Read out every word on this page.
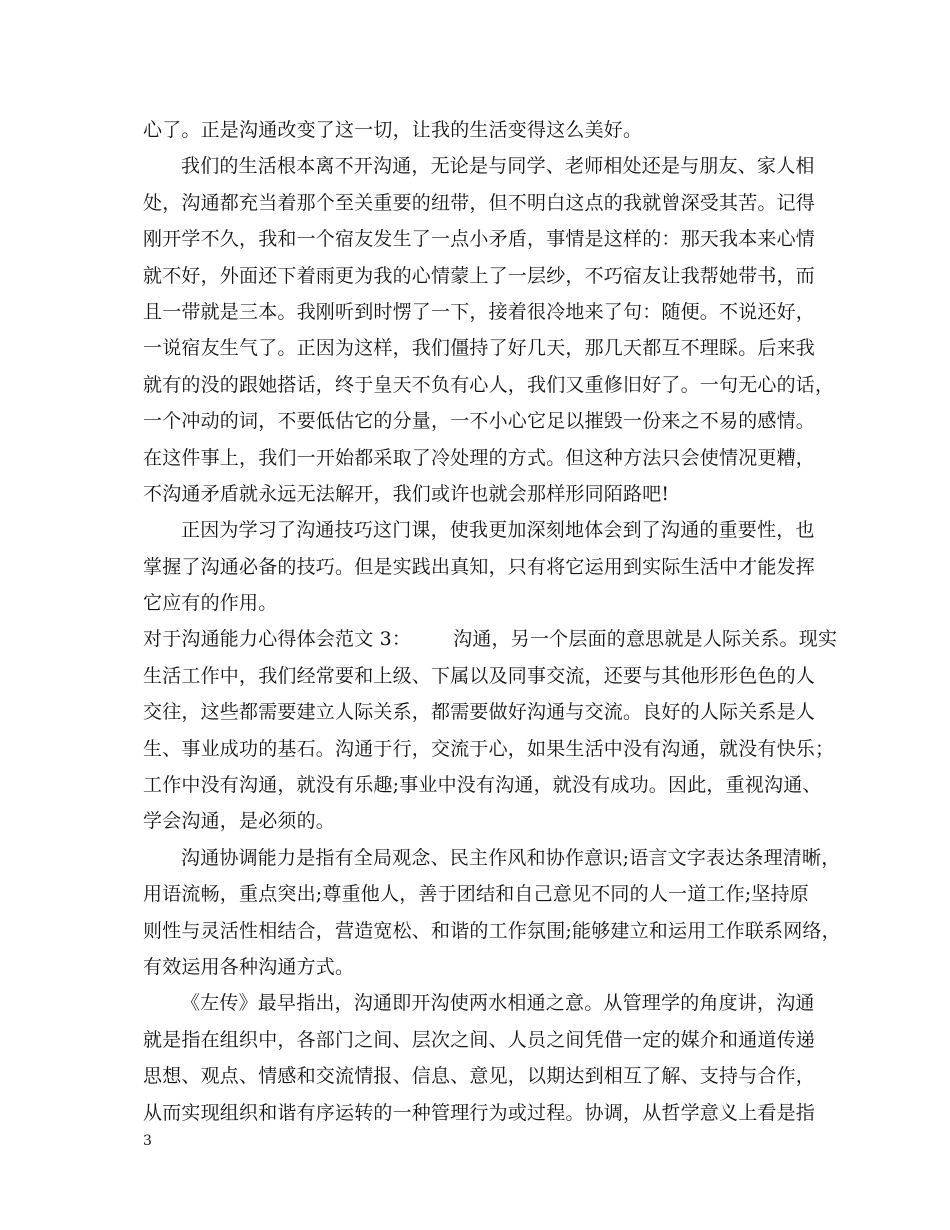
心了。正是沟通改变了这一切，让我的生活变得这么美好。
我们的生活根本离不开沟通，无论是与同学、老师相处还是与朋友、家人相
处，沟通都充当着那个至关重要的纽带，但不明白这点的我就曾深受其苦。记得
刚开学不久，我和一个宿友发生了一点小矛盾，事情是这样的：那天我本来心情
就不好，外面还下着雨更为我的心情蒙上了一层纱，不巧宿友让我帮她带书，而
且一带就是三本。我刚听到时愣了一下，接着很冷地来了句：随便。不说还好，
一说宿友生气了。正因为这样，我们僵持了好几天，那几天都互不理睬。后来我
就有的没的跟她搭话，终于皇天不负有心人，我们又重修旧好了。一句无心的话，
一个冲动的词，不要低估它的分量，一不小心它足以摧毁一份来之不易的感情。
在这件事上，我们一开始都采取了冷处理的方式。但这种方法只会使情况更糟，
不沟通矛盾就永远无法解开，我们或许也就会那样形同陌路吧!
正因为学习了沟通技巧这门课，使我更加深刻地体会到了沟通的重要性，也
掌握了沟通必备的技巧。但是实践出真知，只有将它运用到实际生活中才能发挥
它应有的作用。
对于沟通能力心得体会范文 3： 沟通，另一个层面的意思就是人际关系。现实
生活工作中，我们经常要和上级、下属以及同事交流，还要与其他形形色色的人
交往，这些都需要建立人际关系，都需要做好沟通与交流。良好的人际关系是人
生、事业成功的基石。沟通于行，交流于心，如果生活中没有沟通，就没有快乐；
工作中没有沟通，就没有乐趣;事业中没有沟通，就没有成功。因此，重视沟通、
学会沟通，是必须的。
沟通协调能力是指有全局观念、民主作风和协作意识;语言文字表达条理清晰，
用语流畅，重点突出;尊重他人，善于团结和自己意见不同的人一道工作;坚持原
则性与灵活性相结合，营造宽松、和谐的工作氛围;能够建立和运用工作联系网络，
有效运用各种沟通方式。
《左传》最早指出，沟通即开沟使两水相通之意。从管理学的角度讲，沟通
就是指在组织中，各部门之间、层次之间、人员之间凭借一定的媒介和通道传递
思想、观点、情感和交流情报、信息、意见，以期达到相互了解、支持与合作，
从而实现组织和谐有序运转的一种管理行为或过程。协调，从哲学意义上看是指
3
